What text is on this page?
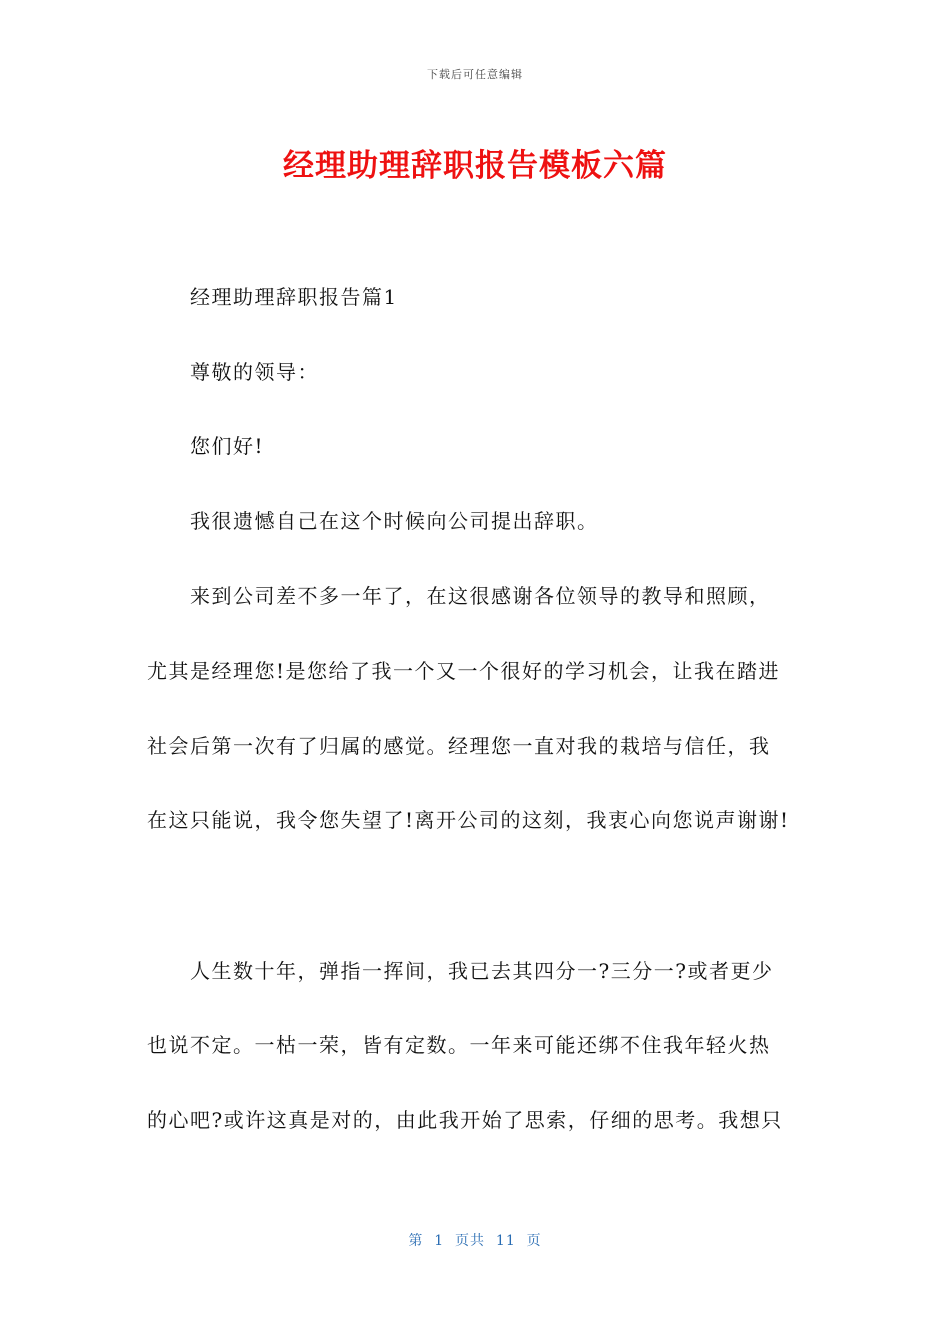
下载后可任意编辑
经理助理辞职报告模板六篇
经理助理辞职报告篇1
尊敬的领导：
您们好!
我很遗憾自己在这个时候向公司提出辞职。
来到公司差不多一年了，在这很感谢各位领导的教导和照顾，
尤其是经理您!是您给了我一个又一个很好的学习机会，让我在踏进
社会后第一次有了归属的感觉。经理您一直对我的栽培与信任，我
在这只能说，我令您失望了!离开公司的这刻，我衷心向您说声谢谢!
人生数十年，弹指一挥间，我已去其四分一?三分一?或者更少
也说不定。一枯一荣，皆有定数。一年来可能还绑不住我年轻火热
的心吧?或许这真是对的，由此我开始了思索，仔细的思考。我想只
第  1  页共  11  页
